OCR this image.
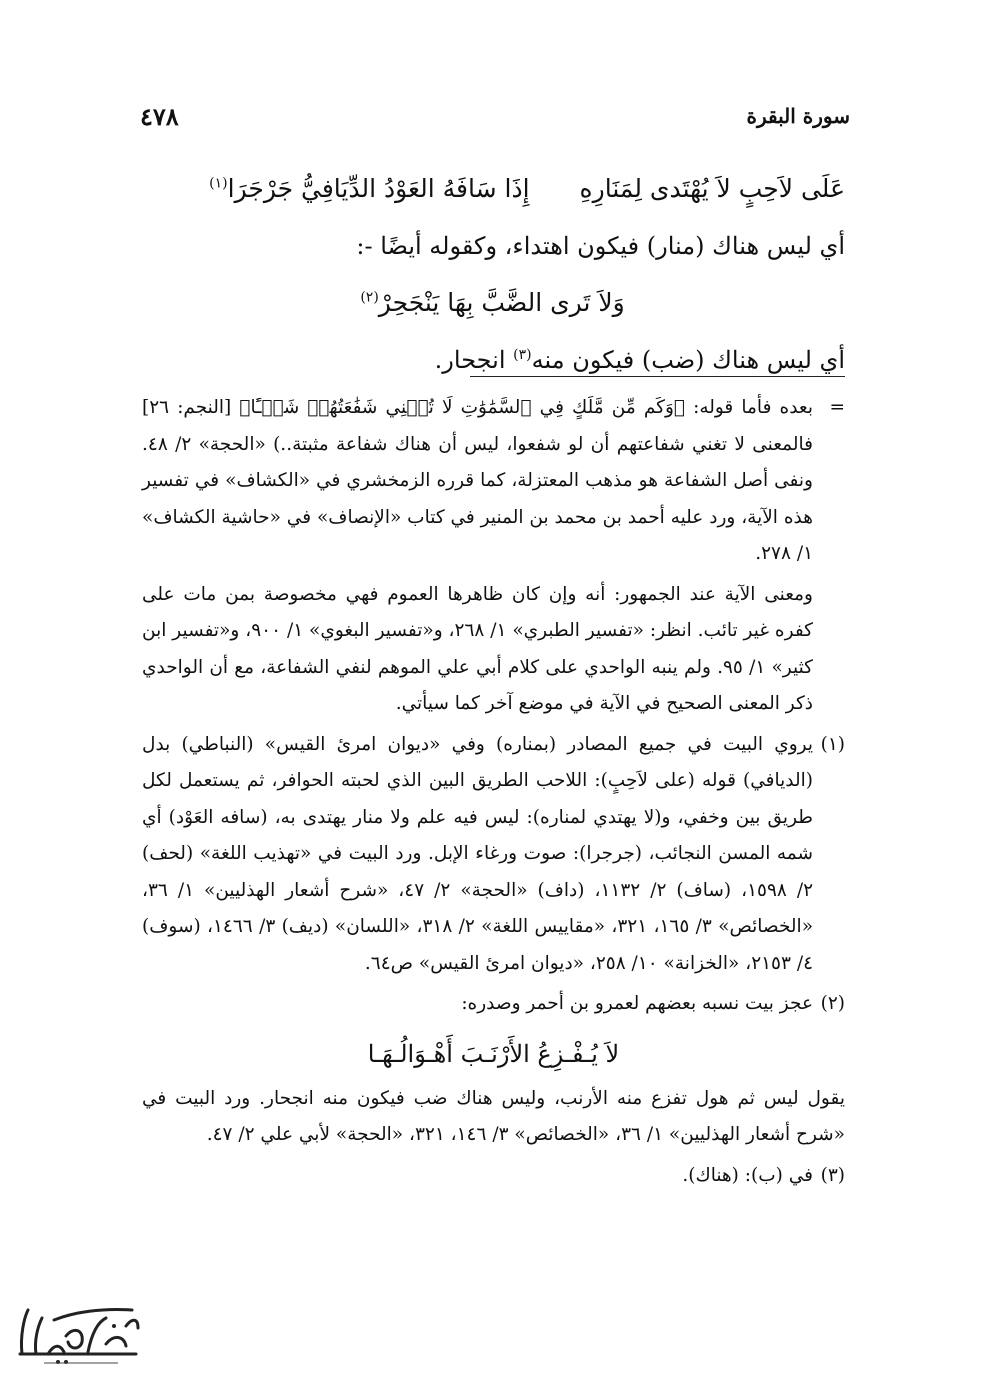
سورة البقرة
٤٧٨
عَلَى لاَحِبٍ لاَ يُهْتَدى لِمَنَارِهِ
إِذَا سَافَهُ العَوْدُ الدِّيَافِيُّ جَرْجَرَا$^{(١)}$
أي ليس هناك (منار) فيكون اهتداء، وكقوله أيضًا -:
وَلاَ تَرى الضَّبَّ بِهَا يَنْجَحِرْ$^{(٢)}$
أي ليس هناك (ضب) فيكون منه$^{(٣)}$ انجحار.
=

بعده فأما قوله: ﴿وَكَم مِّن مَّلَكٍ فِي ٱلسَّمَٰوَٰتِ لَا تُغۡنِي شَفَٰعَتُهُمۡ شَيۡـًٔا﴾ [النجم: ٢٦] فالمعنى لا تغني شفاعتهم أن لو شفعوا، ليس أن هناك شفاعة مثبتة..) «الحجة» ٢/ ٤٨. ونفى أصل الشفاعة هو مذهب المعتزلة، كما قرره الزمخشري في «الكشاف» في تفسير هذه الآية، ورد عليه أحمد بن محمد بن المنير في كتاب «الإنصاف» في «حاشية الكشاف» ١/ ٢٧٨.

ومعنى الآية عند الجمهور: أنه وإن كان ظاهرها العموم فهي مخصوصة بمن مات على كفره غير تائب. انظر: «تفسير الطبري» ١/ ٢٦٨، و«تفسير البغوي» ١/ ٩٠٠، و«تفسير ابن كثير» ١/ ٩٥. ولم ينبه الواحدي على كلام أبي علي الموهم لنفي الشفاعة، مع أن الواحدي ذكر المعنى الصحيح في الآية في موضع آخر كما سيأتي.

(١)

يروي البيت في جميع المصادر (بمناره) وفي «ديوان امرئ القيس» (النباطي) بدل (الديافي) قوله (على لاَحِبٍ): اللاحب الطريق البين الذي لحبته الحوافر، ثم يستعمل لكل طريق بين وخفي، و(لا يهتدي لمناره): ليس فيه علم ولا منار يهتدى به، (سافه العَوْد) أي شمه المسن النجائب، (جرجرا): صوت ورغاء الإبل. ورد البيت في «تهذيب اللغة» (لحف) ٢/ ١٥٩٨، (ساف) ٢/ ١١٣٢، (داف) «الحجة» ٢/ ٤٧، «شرح أشعار الهذليين» ١/ ٣٦، «الخصائص» ٣/ ١٦٥، ٣٢١، «مقاييس اللغة» ٢/ ٣١٨، «اللسان» (ديف) ٣/ ١٤٦٦، (سوف) ٤/ ٢١٥٣، «الخزانة» ١٠/ ٢٥٨، «ديوان امرئ القيس» ص٦٤.

(٢)

عجز بيت نسبه بعضهم لعمرو بن أحمر وصدره:

لاَ يُـفْـزِعُ الأَرْنَـبَ أَهْـوَالُـهَـا

يقول ليس ثم هول تفزع منه الأرنب، وليس هناك ضب فيكون منه انجحار. ورد البيت في «شرح أشعار الهذليين» ١/ ٣٦، «الخصائص» ٣/ ١٤٦، ٣٢١، «الحجة» لأبي علي ٢/ ٤٧.

(٣)

في (ب): (هناك).
